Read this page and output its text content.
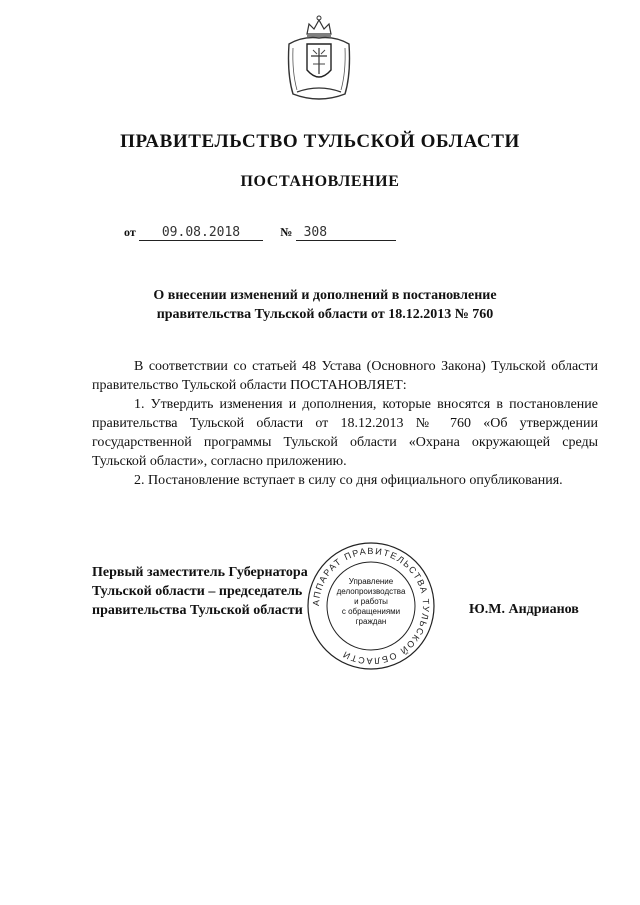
ПРАВИТЕЛЬСТВО ТУЛЬСКОЙ ОБЛАСТИ
ПОСТАНОВЛЕНИЕ
от 09.08.2018	№ 308
О внесении изменений и дополнений в постановление
правительства Тульской области от 18.12.2013 № 760

В соответствии со статьей 48 Устава (Основного Закона) Тульской области правительство Тульской области ПОСТАНОВЛЯЕТ:

1. Утвердить изменения и дополнения, которые вносятся в постановление правительства Тульской области от 18.12.2013 № 760 «Об утверждении государственной программы Тульской области «Охрана окружающей среды Тульской области», согласно приложению.

2. Постановление вступает в силу со дня официального опубликования.

Первый заместитель Губернатора
Тульской области – председатель
правительства Тульской области
АППАРАТ ПРАВИТЕЛЬСТВА ТУЛЬСКОЙ ОБЛАСТИ
Управление
делопроизводства
и работы
с обращениями
граждан
Ю.М. Андрианов
